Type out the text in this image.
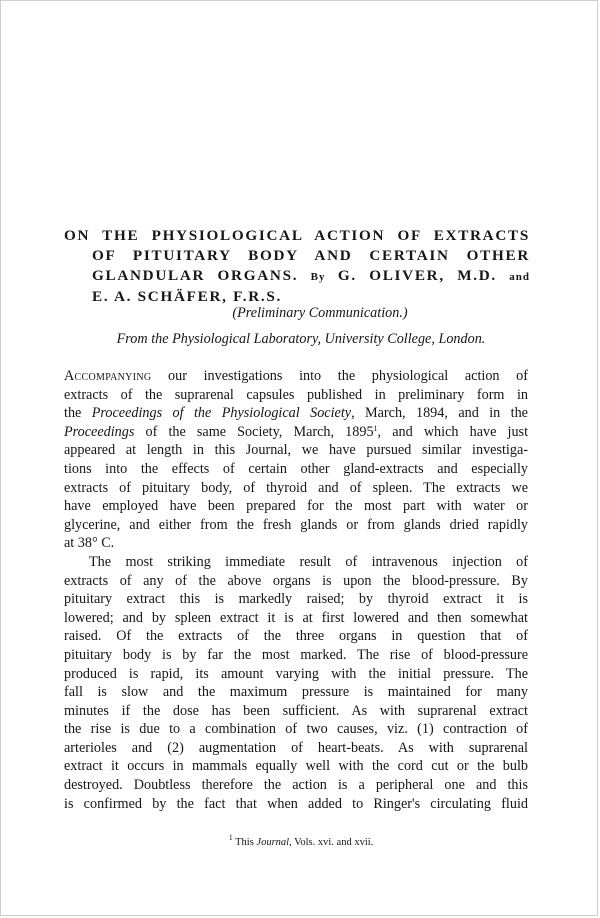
ON THE PHYSIOLOGICAL ACTION OF EXTRACTS
OF PITUITARY BODY AND CERTAIN OTHER
GLANDULAR ORGANS. By G. OLIVER, M.D. and
E. A. SCHÄFER, F.R.S.

(Preliminary Communication.)

From the Physiological Laboratory, University College, London.

Accompanying our investigations into the physiological action of
extracts of the suprarenal capsules published in preliminary form in
the Proceedings of the Physiological Society, March, 1894, and in the
Proceedings of the same Society, March, 1895$^1$, and which have just
appeared at length in this Journal, we have pursued similar investiga-
tions into the effects of certain other gland-extracts and especially
extracts of pituitary body, of thyroid and of spleen. The extracts we
have employed have been prepared for the most part with water or
glycerine, and either from the fresh glands or from glands dried rapidly
at 38° C.

The most striking immediate result of intravenous injection of
extracts of any of the above organs is upon the blood-pressure. By
pituitary extract this is markedly raised; by thyroid extract it is
lowered; and by spleen extract it is at first lowered and then somewhat
raised. Of the extracts of the three organs in question that of
pituitary body is by far the most marked. The rise of blood-pressure
produced is rapid, its amount varying with the initial pressure. The
fall is slow and the maximum pressure is maintained for many
minutes if the dose has been sufficient. As with suprarenal extract
the rise is due to a combination of two causes, viz. (1) contraction of
arterioles and (2) augmentation of heart-beats. As with suprarenal
extract it occurs in mammals equally well with the cord cut or the bulb
destroyed. Doubtless therefore the action is a peripheral one and this
is confirmed by the fact that when added to Ringer's circulating fluid

$^1$ This Journal, Vols. xvi. and xvii.
